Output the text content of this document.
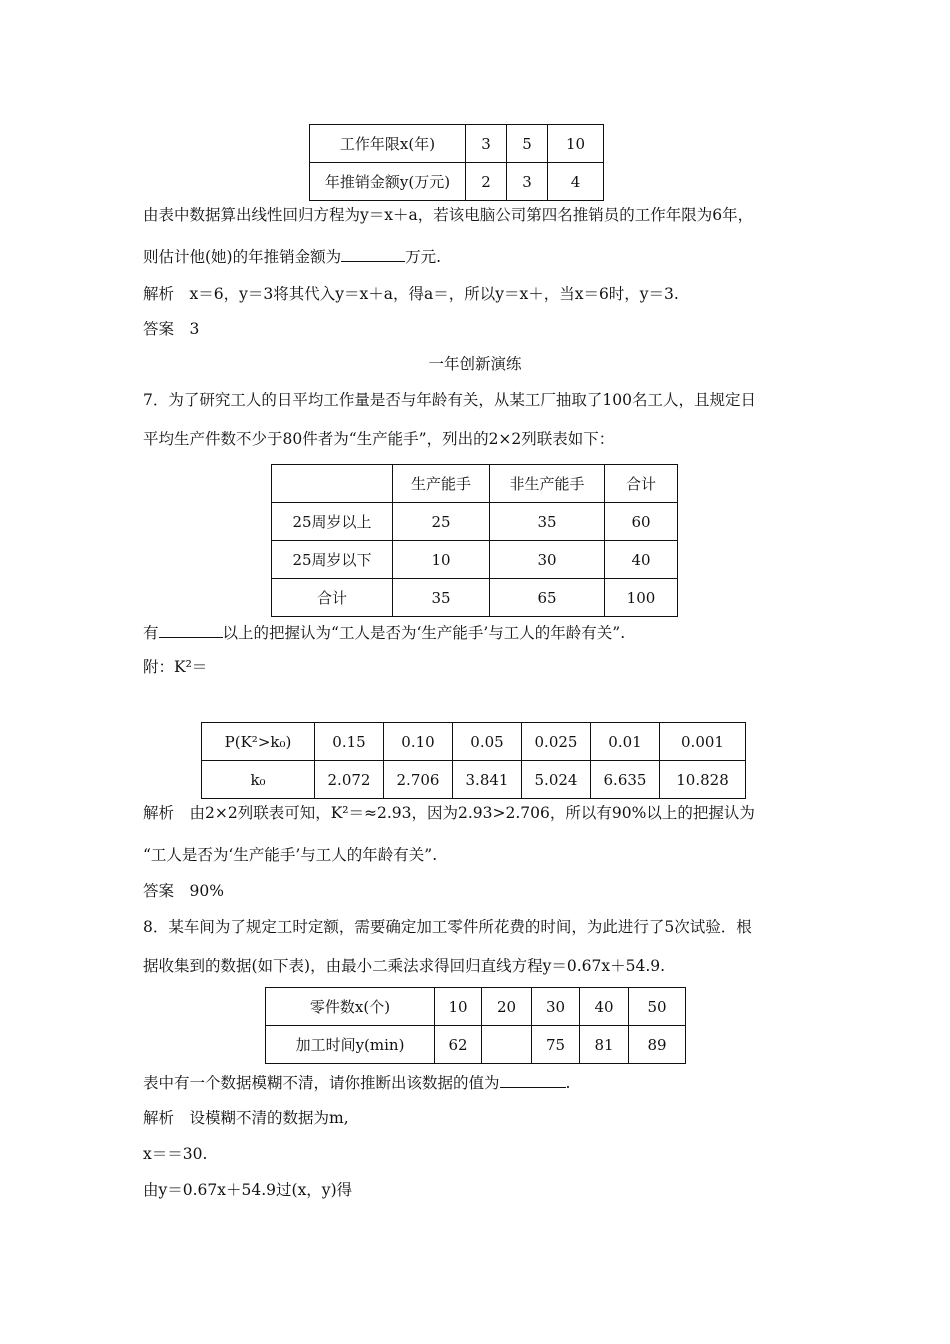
工作年限x(年)	3	5	10
年推销金额y(万元)	2	3	4
由表中数据算出线性回归方程为y＝x＋a，若该电脑公司第四名推销员的工作年限为6年，
则估计他(她)的年推销金额为	万元.
解析　x＝6，y＝3将其代入y＝x＋a，得a＝，所以y＝x＋，当x＝6时，y＝3.
答案　3
一年创新演练
7．为了研究工人的日平均工作量是否与年龄有关，从某工厂抽取了100名工人，且规定日
平均生产件数不少于80件者为“生产能手”，列出的2×2列联表如下：
	生产能手	非生产能手	合计
25周岁以上	25	35	60
25周岁以下	10	30	40
合计	35	65	100
有	以上的把握认为“工人是否为‘生产能手’与工人的年龄有关”.
附：K²＝
P(K²>k₀)	0.15	0.10	0.05	0.025	0.01	0.001
k₀	2.072	2.706	3.841	5.024	6.635	10.828
解析　由2×2列联表可知，K²＝≈2.93，因为2.93>2.706，所以有90%以上的把握认为
“工人是否为‘生产能手’与工人的年龄有关”.
答案　90%
8．某车间为了规定工时定额，需要确定加工零件所花费的时间，为此进行了5次试验．根
据收集到的数据(如下表)，由最小二乘法求得回归直线方程y＝0.67x＋54.9.
零件数x(个)	10	20	30	40	50
加工时间y(min)	62		75	81	89
表中有一个数据模糊不清，请你推断出该数据的值为	.
解析　设模糊不清的数据为m,
x＝＝30.
由y＝0.67x＋54.9过(x，y)得
